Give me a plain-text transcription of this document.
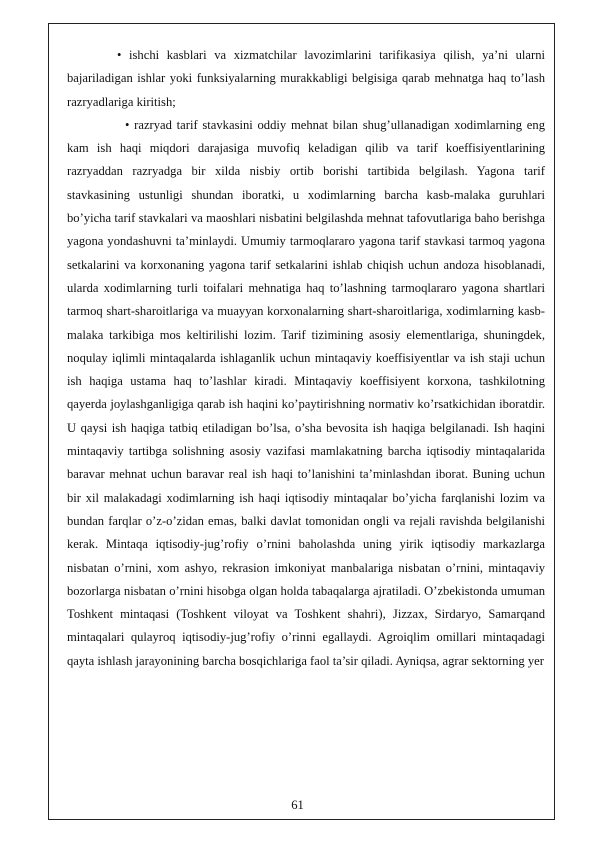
• ishchi kasblari va xizmatchilar lavozimlarini tarifikasiya qilish, ya’ni ularni bajariladigan ishlar yoki funksiyalarning murakkabligi belgisiga qarab mehnatga haq to’lash razryadlariga kiritish;

• razryad tarif stavkasini oddiy mehnat bilan shug’ullanadigan xodimlarning eng kam ish haqi miqdori darajasiga muvofiq keladigan qilib va tarif koeffisiyentlarining razryaddan razryadga bir xilda nisbiy ortib borishi tartibida belgilash. Yagona tarif stavkasining ustunligi shundan iboratki, u xodimlarning barcha kasb-malaka guruhlari bo’yicha tarif stavkalari va maoshlari nisbatini belgilashda mehnat tafovutlariga baho berishga yagona yondashuvni ta’minlaydi. Umumiy tarmoqlararo yagona tarif stavkasi tarmoq yagona setkalarini va korxonaning yagona tarif setkalarini ishlab chiqish uchun andoza hisoblanadi, ularda xodimlarning turli toifalari mehnatiga haq to’lashning tarmoqlararo yagona shartlari tarmoq shart-sharoitlariga va muayyan korxonalarning shart-sharoitlariga, xodimlarning kasb-malaka tarkibiga mos keltirilishi lozim. Tarif tizimining asosiy elementlariga, shuningdek, noqulay iqlimli mintaqalarda ishlaganlik uchun mintaqaviy koeffisiyentlar va ish staji uchun ish haqiga ustama haq to’lashlar kiradi. Mintaqaviy koeffisiyent korxona, tashkilotning qayerda joylashganligiga qarab ish haqini ko’paytirishning normativ ko’rsatkichidan iboratdir. U qaysi ish haqiga tatbiq etiladigan bo’lsa, o’sha bevosita ish haqiga belgilanadi. Ish haqini mintaqaviy tartibga solishning asosiy vazifasi mamlakatning barcha iqtisodiy mintaqalarida baravar mehnat uchun baravar real ish haqi to’lanishini ta’minlashdan iborat. Buning uchun bir xil malakadagi xodimlarning ish haqi iqtisodiy mintaqalar bo’yicha farqlanishi lozim va bundan farqlar o’z-o’zidan emas, balki davlat tomonidan ongli va rejali ravishda belgilanishi kerak. Mintaqa iqtisodiy-jug’rofiy o’rnini baholashda uning yirik iqtisodiy markazlarga nisbatan o’rnini, xom ashyo, rekrasion imkoniyat manbalariga nisbatan o’rnini, mintaqaviy bozorlarga nisbatan o’rnini hisobga olgan holda tabaqalarga ajratiladi. O’zbekistonda umuman Toshkent mintaqasi (Toshkent viloyat va Toshkent shahri), Jizzax, Sirdaryo, Samarqand mintaqalari qulayroq iqtisodiy-jug’rofiy o’rinni egallaydi. Agroiqlim omillari mintaqadagi qayta ishlash jarayonining barcha bosqichlariga faol ta’sir qiladi. Ayniqsa, agrar sektorning yer

61
